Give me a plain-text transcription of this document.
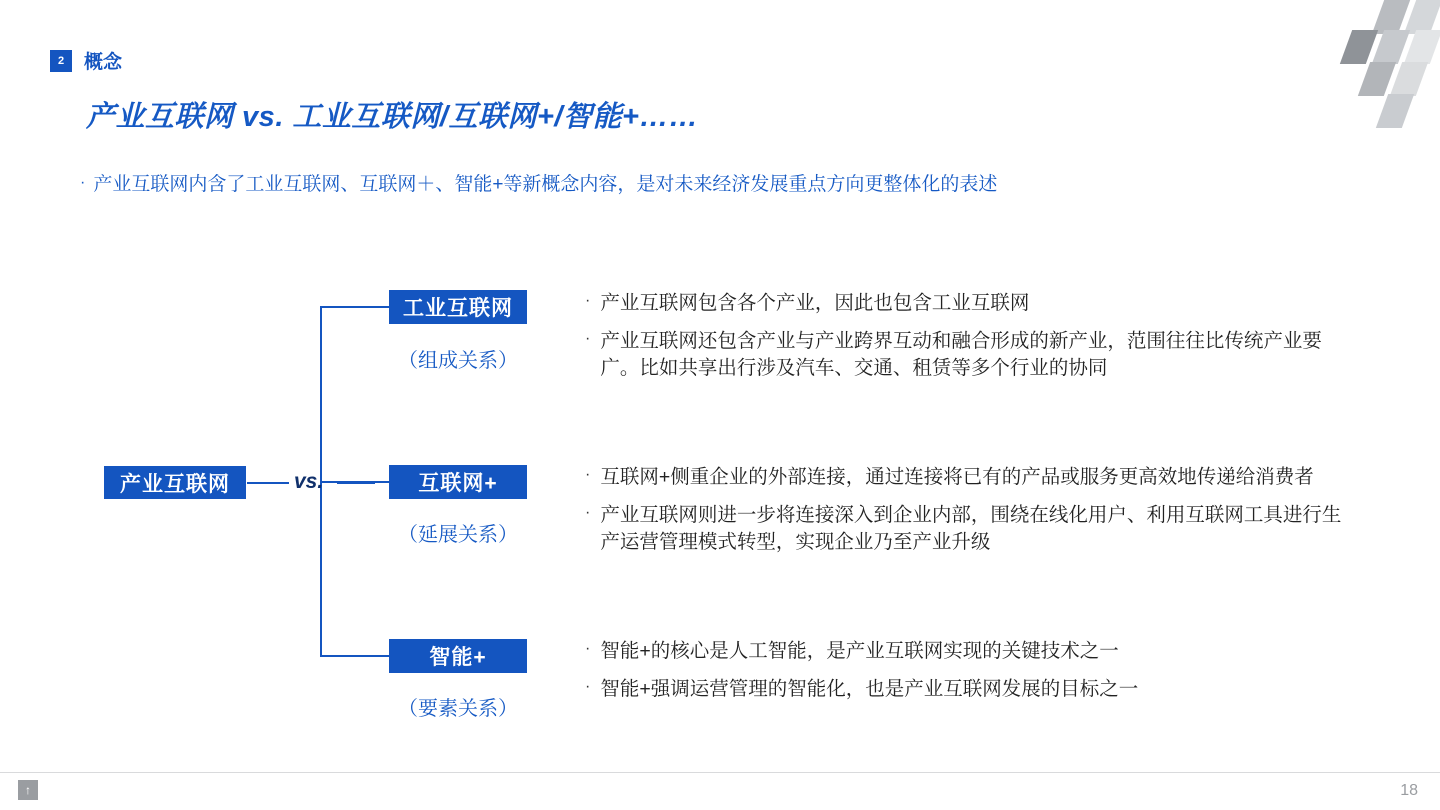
2	概念
产业互联网 vs. 工业互联网/互联网+/智能+……
· 产业互联网内含了工业互联网、互联网＋、智能+等新概念内容，是对未来经济发展重点方向更整体化的表述
产业互联网	vs.
工业互联网
互联网+
智能+
（组成关系）
（延展关系）
（要素关系）
· 产业互联网包含各个产业，因此也包含工业互联网
· 产业互联网还包含产业与产业跨界互动和融合形成的新产业，范围往往比传统产业要广。比如共享出行涉及汽车、交通、租赁等多个行业的协同
· 互联网+侧重企业的外部连接，通过连接将已有的产品或服务更高效地传递给消费者
· 产业互联网则进一步将连接深入到企业内部，围绕在线化用户、利用互联网工具进行生产运营管理模式转型，实现企业乃至产业升级
· 智能+的核心是人工智能，是产业互联网实现的关键技术之一
· 智能+强调运营管理的智能化，也是产业互联网发展的目标之一
↑	18
